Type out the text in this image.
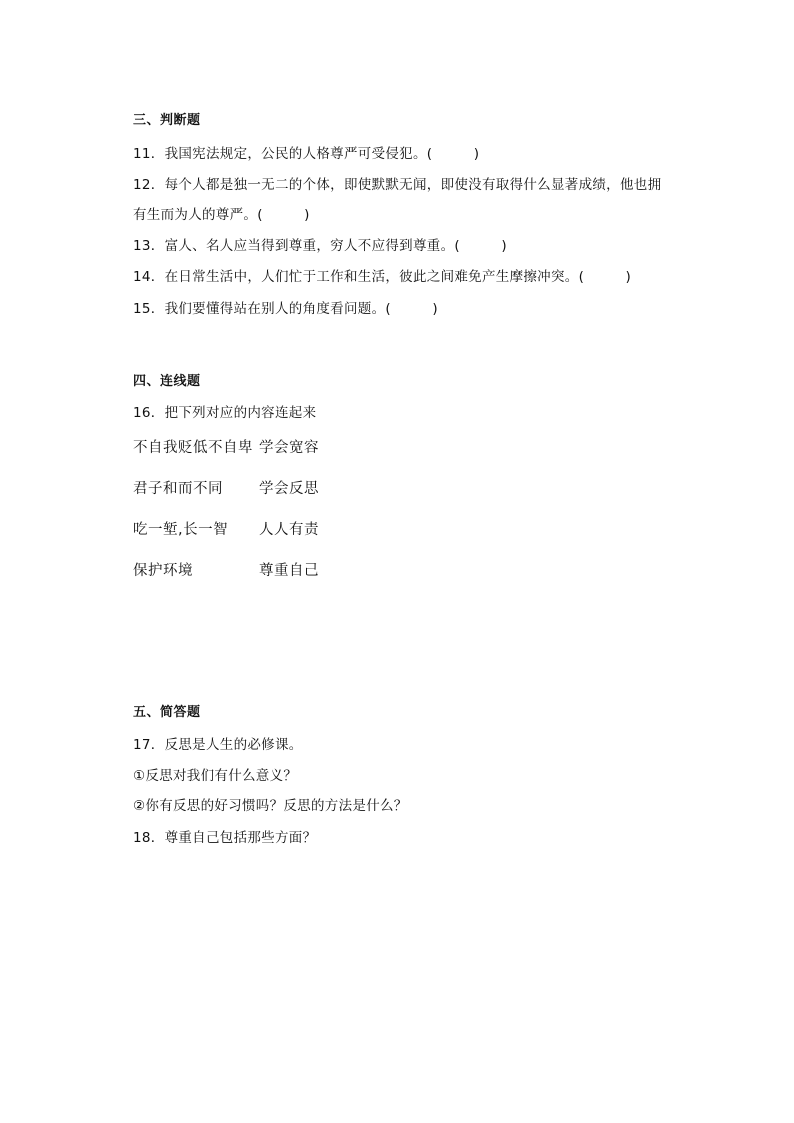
三、判断题
11．我国宪法规定，公民的人格尊严可受侵犯。(　　　)
12．每个人都是独一无二的个体，即使默默无闻，即使没有取得什么显著成绩，他也拥
有生而为人的尊严。(　　　)
13．富人、名人应当得到尊重，穷人不应得到尊重。(　　　)
14．在日常生活中，人们忙于工作和生活，彼此之间难免产生摩擦冲突。(　　　)
15．我们要懂得站在别人的角度看问题。(　　　)
四、连线题
16．把下列对应的内容连起来
不自我贬低不自卑 学会宽容
君子和而不同 学会反思
吃一堑,长一智 人人有责
保护环境	尊重自己
五、简答题
17．反思是人生的必修课。
①反思对我们有什么意义？
②你有反思的好习惯吗？反思的方法是什么？
18．尊重自己包括那些方面？
